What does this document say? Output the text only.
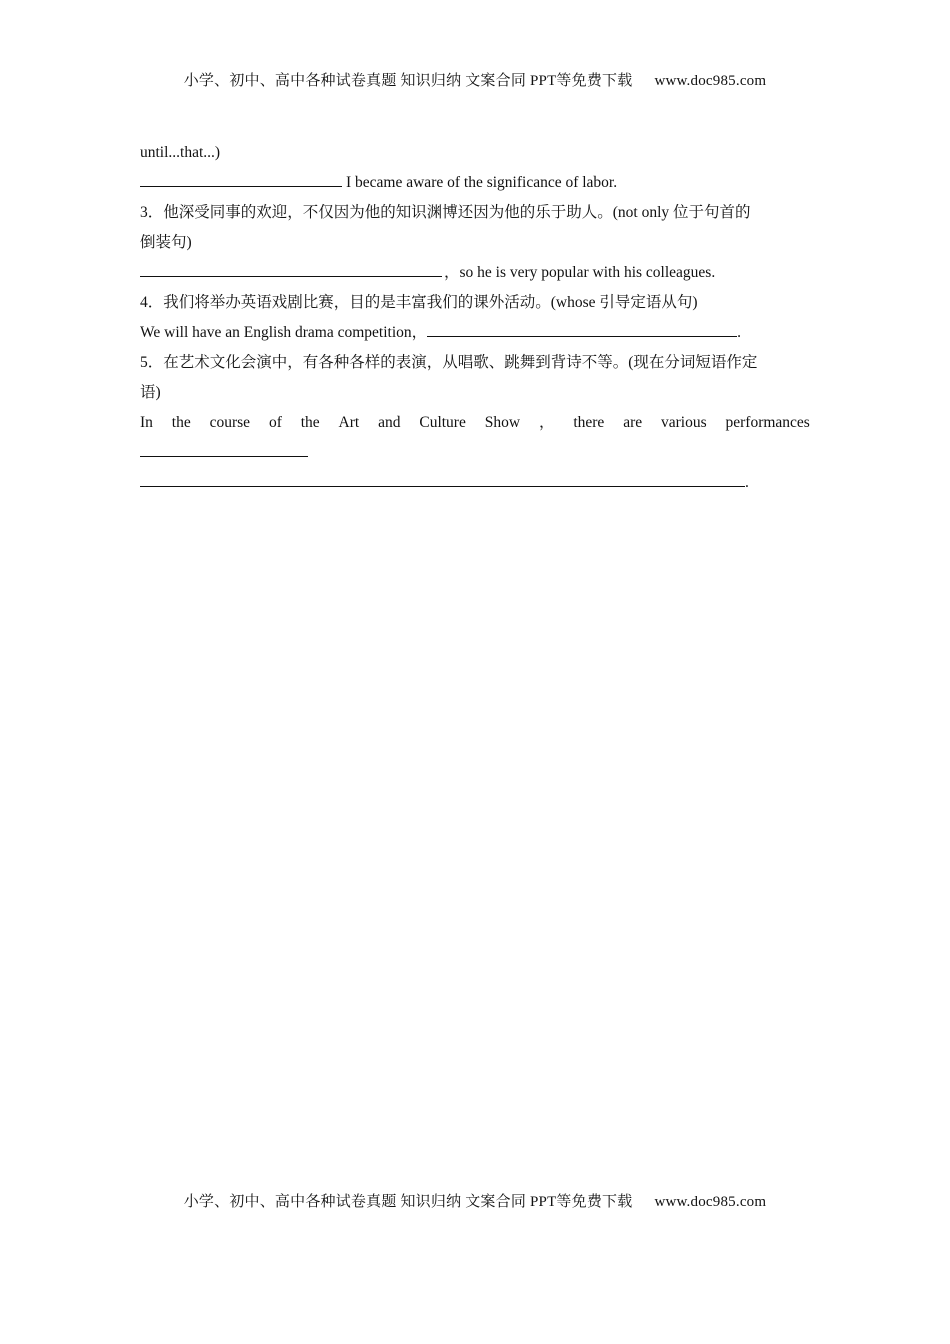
小学、初中、高中各种试卷真题 知识归纳 文案合同 PPT等免费下载 www.doc985.com
until...that...)
I became aware of the significance of labor.
3．他深受同事的欢迎，不仅因为他的知识渊博还因为他的乐于助人。(not only 位于句首的
倒装句)
，so he is very popular with his colleagues.
4．我们将举办英语戏剧比赛，目的是丰富我们的课外活动。(whose 引导定语从句)
We will have an English drama competition，	.
5．在艺术文化会演中，有各种各样的表演，从唱歌、跳舞到背诗不等。(现在分词短语作定
语)
In the course of the Art and Culture Show ， there are various performances
.
小学、初中、高中各种试卷真题 知识归纳 文案合同 PPT等免费下载 www.doc985.com
